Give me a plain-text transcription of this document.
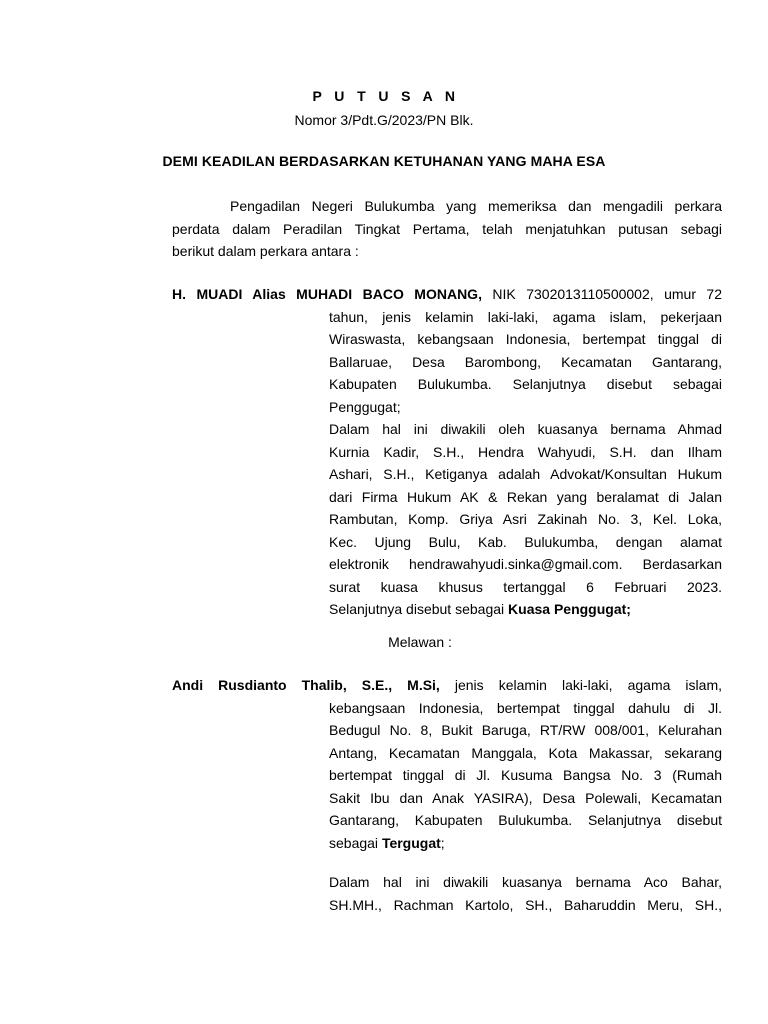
P U T U S A N
Nomor 3/Pdt.G/2023/PN Blk.
DEMI KEADILAN BERDASARKAN KETUHANAN YANG MAHA ESA
Pengadilan Negeri Bulukumba yang memeriksa dan mengadili perkara
perdata dalam Peradilan Tingkat Pertama, telah menjatuhkan putusan sebagi
berikut dalam perkara antara :
H. MUADI Alias MUHADI BACO MONANG, NIK 7302013110500002, umur 72
tahun, jenis kelamin laki-laki, agama islam, pekerjaan
Wiraswasta, kebangsaan Indonesia, bertempat tinggal di
Ballaruae, Desa Barombong, Kecamatan Gantarang,
Kabupaten Bulukumba. Selanjutnya disebut sebagai
Penggugat;
Dalam hal ini diwakili oleh kuasanya bernama Ahmad
Kurnia Kadir, S.H., Hendra Wahyudi, S.H. dan Ilham
Ashari, S.H., Ketiganya adalah Advokat/Konsultan Hukum
dari Firma Hukum AK & Rekan yang beralamat di Jalan
Rambutan, Komp. Griya Asri Zakinah No. 3, Kel. Loka,
Kec. Ujung Bulu, Kab. Bulukumba, dengan alamat
elektronik hendrawahyudi.sinka@gmail.com. Berdasarkan
surat kuasa khusus tertanggal 6 Februari 2023.
Selanjutnya disebut sebagai Kuasa Penggugat;
Melawan :
Andi Rusdianto Thalib, S.E., M.Si, jenis kelamin laki-laki, agama islam,
kebangsaan Indonesia, bertempat tinggal dahulu di Jl.
Bedugul No. 8, Bukit Baruga, RT/RW 008/001, Kelurahan
Antang, Kecamatan Manggala, Kota Makassar, sekarang
bertempat tinggal di Jl. Kusuma Bangsa No. 3 (Rumah
Sakit Ibu dan Anak YASIRA), Desa Polewali, Kecamatan
Gantarang, Kabupaten Bulukumba. Selanjutnya disebut
sebagai Tergugat;
Dalam hal ini diwakili kuasanya bernama Aco Bahar,
SH.MH., Rachman Kartolo, SH., Baharuddin Meru, SH.,
